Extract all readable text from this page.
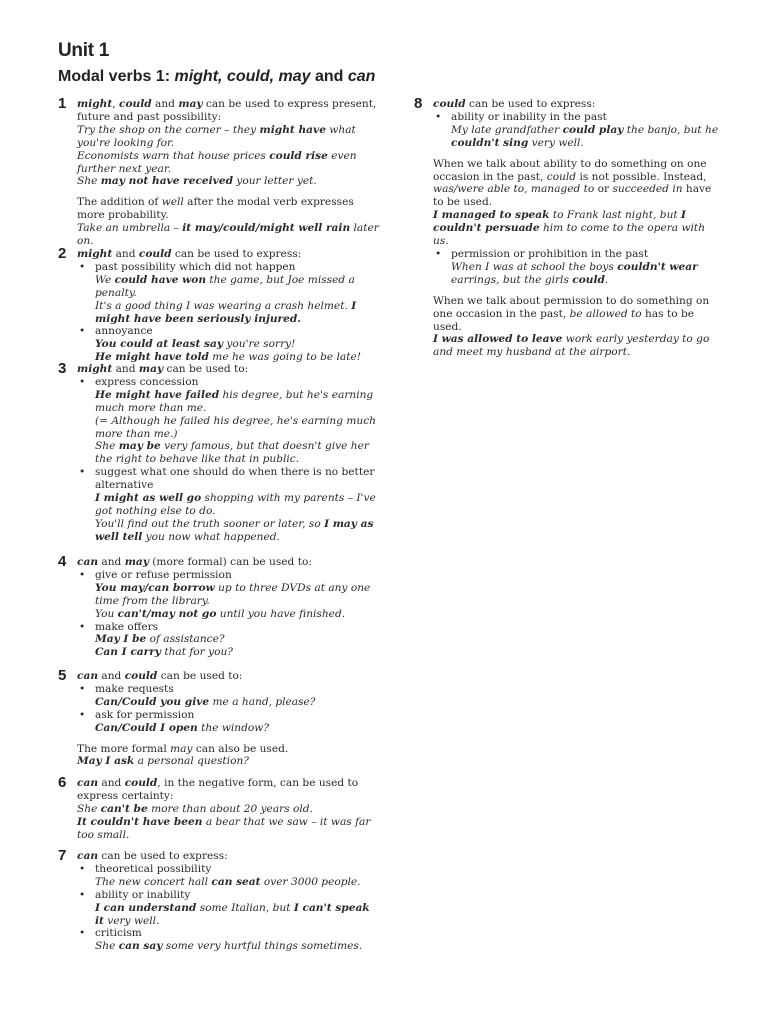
Unit 1
Modal verbs 1: might, could, may and can
1 might, could and may can be used to express present, future and past possibility:

Try the shop on the corner – they might have what you're looking for.

Economists warn that house prices could rise even further next year.

She may not have received your letter yet.

The addition of well after the modal verb expresses more probability.

Take an umbrella – it may/could/might well rain later on.

2 might and could can be used to express:

• past possibility which did not happen
We could have won the game, but Joe missed a penalty.
It's a good thing I was wearing a crash helmet. I might have been seriously injured.
• annoyance
You could at least say you're sorry!
He might have told me he was going to be late!
3 might and may can be used to:

• express concession
He might have failed his degree, but he's earning much more than me.
(= Although he failed his degree, he's earning much more than me.)
She may be very famous, but that doesn't give her the right to behave like that in public.
• suggest what one should do when there is no better alternative
I might as well go shopping with my parents – I've got nothing else to do.
You'll find out the truth sooner or later, so I may as well tell you now what happened.
4 can and may (more formal) can be used to:

• give or refuse permission
You may/can borrow up to three DVDs at any one time from the library.
You can't/may not go until you have finished.
• make offers
May I be of assistance?
Can I carry that for you?
5 can and could can be used to:

• make requests
Can/Could you give me a hand, please?
• ask for permission
Can/Could I open the window?

The more formal may can also be used.

May I ask a personal question?

6 can and could, in the negative form, can be used to express certainty:

She can't be more than about 20 years old.

It couldn't have been a bear that we saw – it was far too small.

7 can can be used to express:

• theoretical possibility
The new concert hall can seat over 3000 people.
• ability or inability
I can understand some Italian, but I can't speak it very well.
• criticism
She can say some very hurtful things sometimes.
8 could can be used to express:

• ability or inability in the past
My late grandfather could play the banjo, but he couldn't sing very well.

When we talk about ability to do something on one occasion in the past, could is not possible. Instead, was/were able to, managed to or succeeded in have to be used.

I managed to speak to Frank last night, but I couldn't persuade him to come to the opera with us.

• permission or prohibition in the past
When I was at school the boys couldn't wear earrings, but the girls could.

When we talk about permission to do something on one occasion in the past, be allowed to has to be used.

I was allowed to leave work early yesterday to go and meet my husband at the airport.
